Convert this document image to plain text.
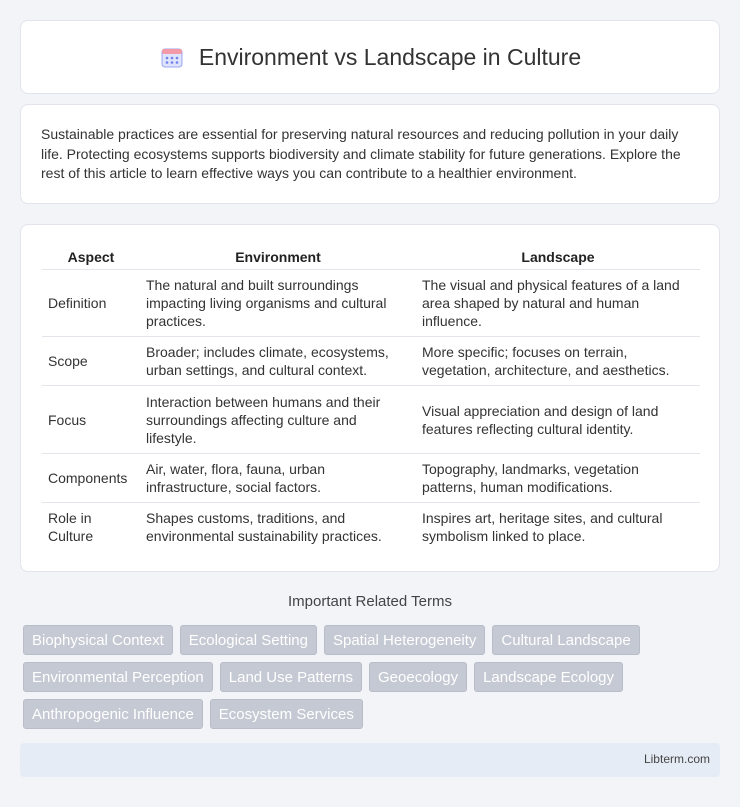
Environment vs Landscape in Culture

Sustainable practices are essential for preserving natural resources and reducing pollution in your daily life. Protecting ecosystems supports biodiversity and climate stability for future generations. Explore the rest of this article to learn effective ways you can contribute to a healthier environment.

Aspect	Environment	Landscape
Definition	The natural and built surroundings impacting living organisms and cultural practices.	The visual and physical features of a land area shaped by natural and human influence.
Scope	Broader; includes climate, ecosystems, urban settings, and cultural context.	More specific; focuses on terrain, vegetation, architecture, and aesthetics.
Focus	Interaction between humans and their surroundings affecting culture and lifestyle.	Visual appreciation and design of land features reflecting cultural identity.
Components	Air, water, flora, fauna, urban infrastructure, social factors.	Topography, landmarks, vegetation patterns, human modifications.
Role in Culture	Shapes customs, traditions, and environmental sustainability practices.	Inspires art, heritage sites, and cultural symbolism linked to place.
Important Related Terms
Biophysical Context	Ecological Setting	Spatial Heterogeneity	Cultural Landscape
Environmental Perception	Land Use Patterns	Geoecology	Landscape Ecology
Anthropogenic Influence	Ecosystem Services
Libterm.com
